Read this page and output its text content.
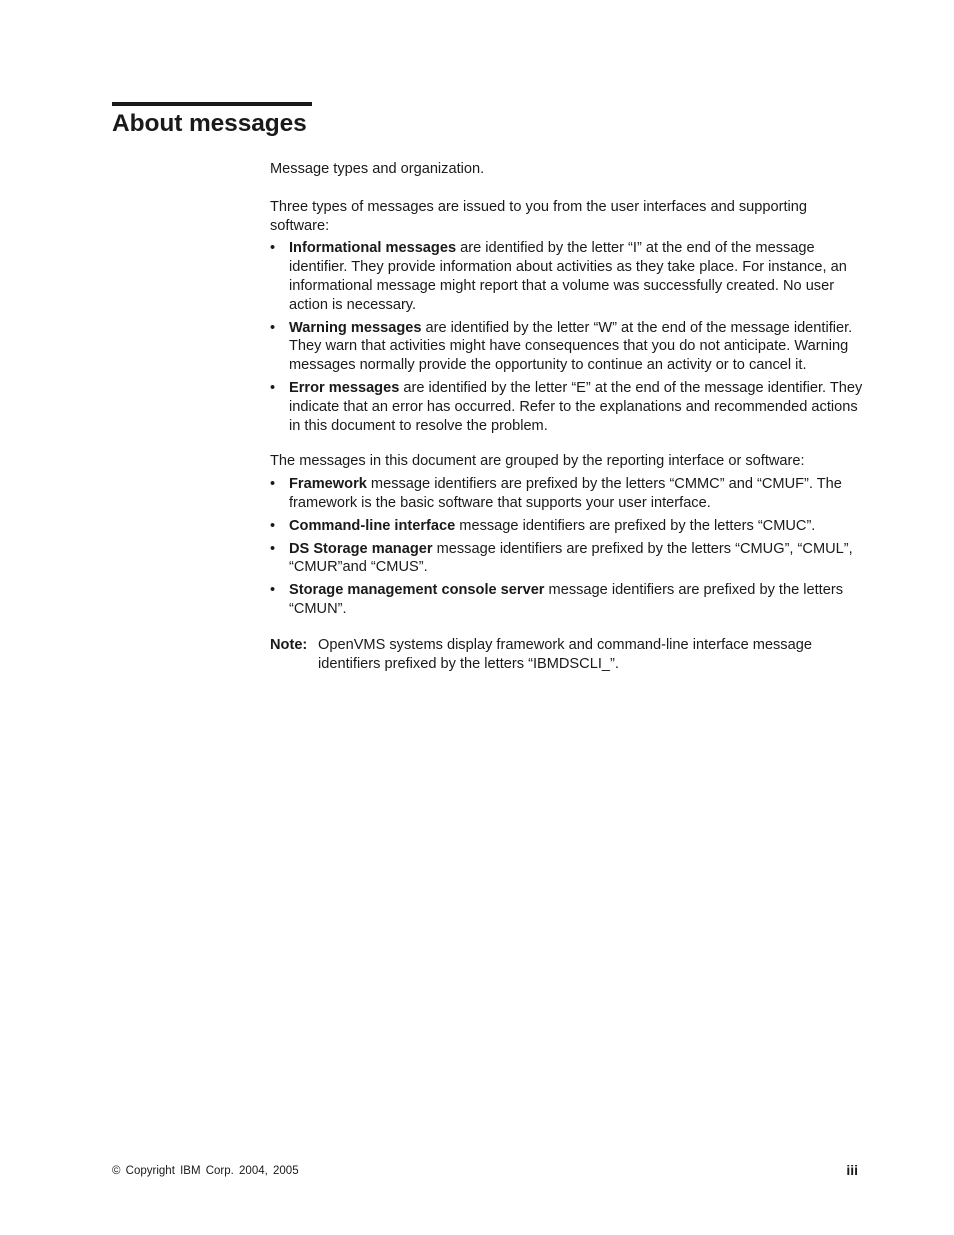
About messages

Message types and organization.

Three types of messages are issued to you from the user interfaces and supporting software:

• Informational messages are identified by the letter “I” at the end of the message identifier. They provide information about activities as they take place. For instance, an informational message might report that a volume was successfully created. No user action is necessary.
• Warning messages are identified by the letter “W” at the end of the message identifier. They warn that activities might have consequences that you do not anticipate. Warning messages normally provide the opportunity to continue an activity or to cancel it.
• Error messages are identified by the letter “E” at the end of the message identifier. They indicate that an error has occurred. Refer to the explanations and recommended actions in this document to resolve the problem.

The messages in this document are grouped by the reporting interface or software:

• Framework message identifiers are prefixed by the letters “CMMC” and “CMUF”. The framework is the basic software that supports your user interface.
• Command-line interface message identifiers are prefixed by the letters “CMUC”.
• DS Storage manager message identifiers are prefixed by the letters “CMUG”, “CMUL”, “CMUR”and “CMUS”.
• Storage management console server message identifiers are prefixed by the letters “CMUN”.
Note: OpenVMS systems display framework and command-line interface message identifiers prefixed by the letters “IBMDSCLI_”.
© Copyright IBM Corp. 2004, 2005	iii
